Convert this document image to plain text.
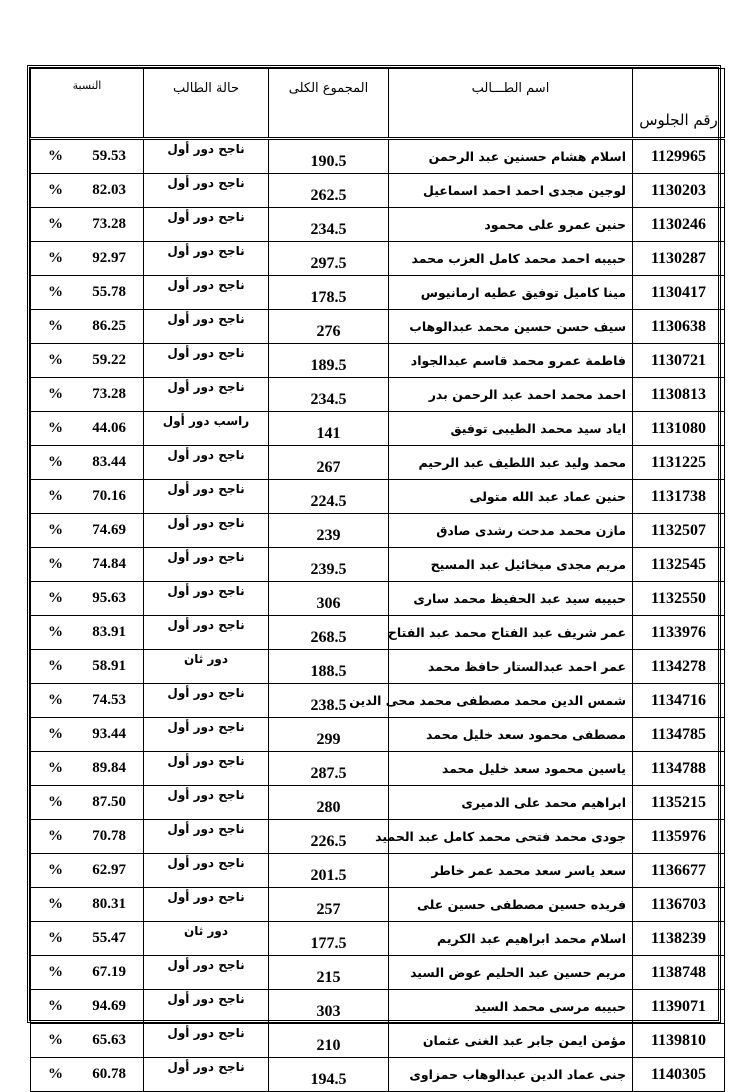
النسبة	حالة الطالب	المجموع الكلى	اسم الطـــالب	رقم الجلوس
% 59.53	ناجح دور أول	190.5	اسلام هشام حسنين عبد الرحمن	1129965
% 82.03	ناجح دور أول	262.5	لوجين مجدى احمد احمد اسماعيل	1130203
% 73.28	ناجح دور أول	234.5	حنين عمرو على محمود	1130246
% 92.97	ناجح دور أول	297.5	حبيبه احمد محمد كامل العزب محمد	1130287
% 55.78	ناجح دور أول	178.5	مينا كاميل توفيق عطيه ارمانيوس	1130417
% 86.25	ناجح دور أول	276	سيف حسن حسين محمد عبدالوهاب	1130638
% 59.22	ناجح دور أول	189.5	فاطمة عمرو محمد قاسم عبدالجواد	1130721
% 73.28	ناجح دور أول	234.5	احمد محمد احمد عبد الرحمن بدر	1130813
% 44.06	راسب دور أول	141	اياد سيد محمد الطيبى توفيق	1131080
% 83.44	ناجح دور أول	267	محمد وليد عبد اللطيف عبد الرحيم	1131225
% 70.16	ناجح دور أول	224.5	حنين عماد عبد الله متولى	1131738
% 74.69	ناجح دور أول	239	مازن محمد مدحت رشدى صادق	1132507
% 74.84	ناجح دور أول	239.5	مريم مجدى ميخائيل عبد المسيح	1132545
% 95.63	ناجح دور أول	306	حبيبه سيد عبد الحفيظ محمد سارى	1132550
% 83.91	ناجح دور أول	268.5	عمر شريف عبد الفتاح محمد عبد الفتاح	1133976
% 58.91	دور ثان	188.5	عمر احمد عبدالستار حافظ محمد	1134278
% 74.53	ناجح دور أول	238.5	شمس الدين محمد مصطفى محمد محى الدين	1134716
% 93.44	ناجح دور أول	299	مصطفى محمود سعد خليل محمد	1134785
% 89.84	ناجح دور أول	287.5	ياسين محمود سعد خليل محمد	1134788
% 87.50	ناجح دور أول	280	ابراهيم محمد على الدميرى	1135215
% 70.78	ناجح دور أول	226.5	جودى محمد فتحى محمد كامل عبد الحميد	1135976
% 62.97	ناجح دور أول	201.5	سعد ياسر سعد محمد عمر خاطر	1136677
% 80.31	ناجح دور أول	257	فريده حسين مصطفى حسين على	1136703
% 55.47	دور ثان	177.5	اسلام محمد ابراهيم عبد الكريم	1138239
% 67.19	ناجح دور أول	215	مريم حسين عبد الحليم عوض السيد	1138748
% 94.69	ناجح دور أول	303	حبيبه مرسى محمد السيد	1139071
% 65.63	ناجح دور أول	210	مؤمن ايمن جابر عبد الغنى عثمان	1139810
% 60.78	ناجح دور أول	194.5	جنى عماد الدين عبدالوهاب حمزاوى	1140305
